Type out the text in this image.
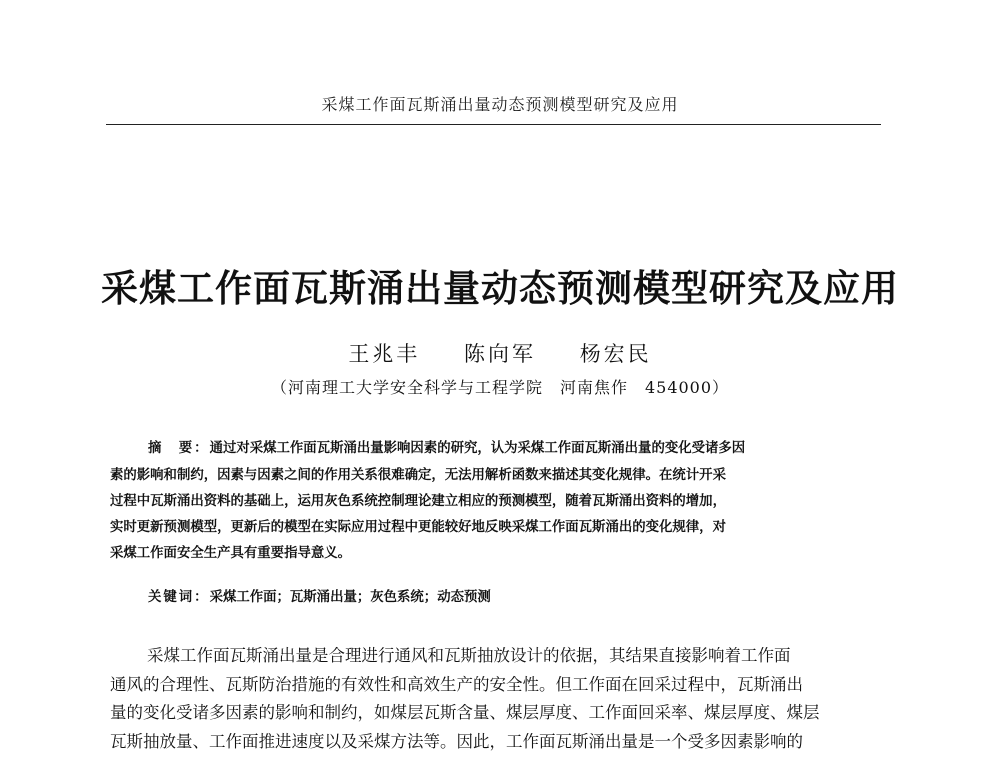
采煤工作面瓦斯涌出量动态预测模型研究及应用
采煤工作面瓦斯涌出量动态预测模型研究及应用
王兆丰 陈向军 杨宏民
（河南理工大学安全科学与工程学院　河南焦作　454000）
摘　要：通过对采煤工作面瓦斯涌出量影响因素的研究，认为采煤工作面瓦斯涌出量的变化受诸多因
素的影响和制约，因素与因素之间的作用关系很难确定，无法用解析函数来描述其变化规律。在统计开采
过程中瓦斯涌出资料的基础上，运用灰色系统控制理论建立相应的预测模型，随着瓦斯涌出资料的增加，
实时更新预测模型，更新后的模型在实际应用过程中更能较好地反映采煤工作面瓦斯涌出的变化规律，对
采煤工作面安全生产具有重要指导意义。
关键词：采煤工作面；瓦斯涌出量；灰色系统；动态预测
采煤工作面瓦斯涌出量是合理进行通风和瓦斯抽放设计的依据，其结果直接影响着工作面
通风的合理性、瓦斯防治措施的有效性和高效生产的安全性。但工作面在回采过程中，瓦斯涌出
量的变化受诸多因素的影响和制约，如煤层瓦斯含量、煤层厚度、工作面回采率、煤层厚度、煤层
瓦斯抽放量、工作面推进速度以及采煤方法等。因此，工作面瓦斯涌出量是一个受多因素影响的
